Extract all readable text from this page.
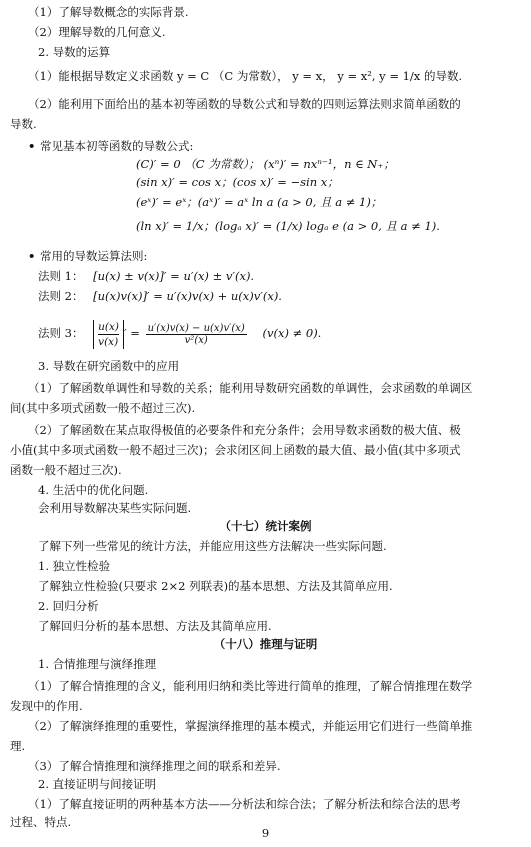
（1）了解导数概念的实际背景.
（2）理解导数的几何意义.
2. 导数的运算
（1）能根据导数定义求函数 y = C （C 为常数）， y = x， y = x², y = 1/x 的导数.
（2）能利用下面给出的基本初等函数的导数公式和导数的四则运算法则求简单函数的
导数.
• 常见基本初等函数的导数公式:
(C)′ = 0 （C 为常数）； (xⁿ)′ = nxⁿ⁻¹，n ∈ N₊；
(sin x)′ = cos x；(cos x)′ = −sin x；
(eˣ)′ = eˣ；(aˣ)′ = aˣ ln a (a > 0, 且 a ≠ 1)；
(ln x)′ = 1/x；(logₐ x)′ = (1/x) logₐ e (a > 0, 且 a ≠ 1).
• 常用的导数运算法则:
法则 1： [u(x) ± v(x)]′ = u′(x) ± v′(x).
法则 2： [u(x)v(x)]′ = u′(x)v(x) + u(x)v′(x).
法则 3： $\frac{u(x)}{v(x)}$ ′ = $\frac{u'(x)v(x) - u(x)v'(x)}{\text{v²(x)}} (v(x) \ne 0)$.
3. 导数在研究函数中的应用
（1）了解函数单调性和导数的关系；能利用导数研究函数的单调性，会求函数的单调区
间(其中多项式函数一般不超过三次).
（2）了解函数在某点取得极值的必要条件和充分条件；会用导数求函数的极大值、极
小值(其中多项式函数一般不超过三次)；会求闭区间上函数的最大值、最小值(其中多项式
函数一般不超过三次).
4. 生活中的优化问题.
会利用导数解决某些实际问题.
（十七）统计案例
了解下列一些常见的统计方法，并能应用这些方法解决一些实际问题.
1. 独立性检验
了解独立性检验(只要求 2×2 列联表)的基本思想、方法及其简单应用.
2. 回归分析
了解回归分析的基本思想、方法及其简单应用.
（十八）推理与证明
1. 合情推理与演绎推理
（1）了解合情推理的含义，能利用归纳和类比等进行简单的推理，了解合情推理在数学
发现中的作用.
（2）了解演绎推理的重要性，掌握演绎推理的基本模式，并能运用它们进行一些简单推
理.
（3）了解合情推理和演绎推理之间的联系和差异.
2. 直接证明与间接证明
（1）了解直接证明的两种基本方法——分析法和综合法；了解分析法和综合法的思考
过程、特点.
9
